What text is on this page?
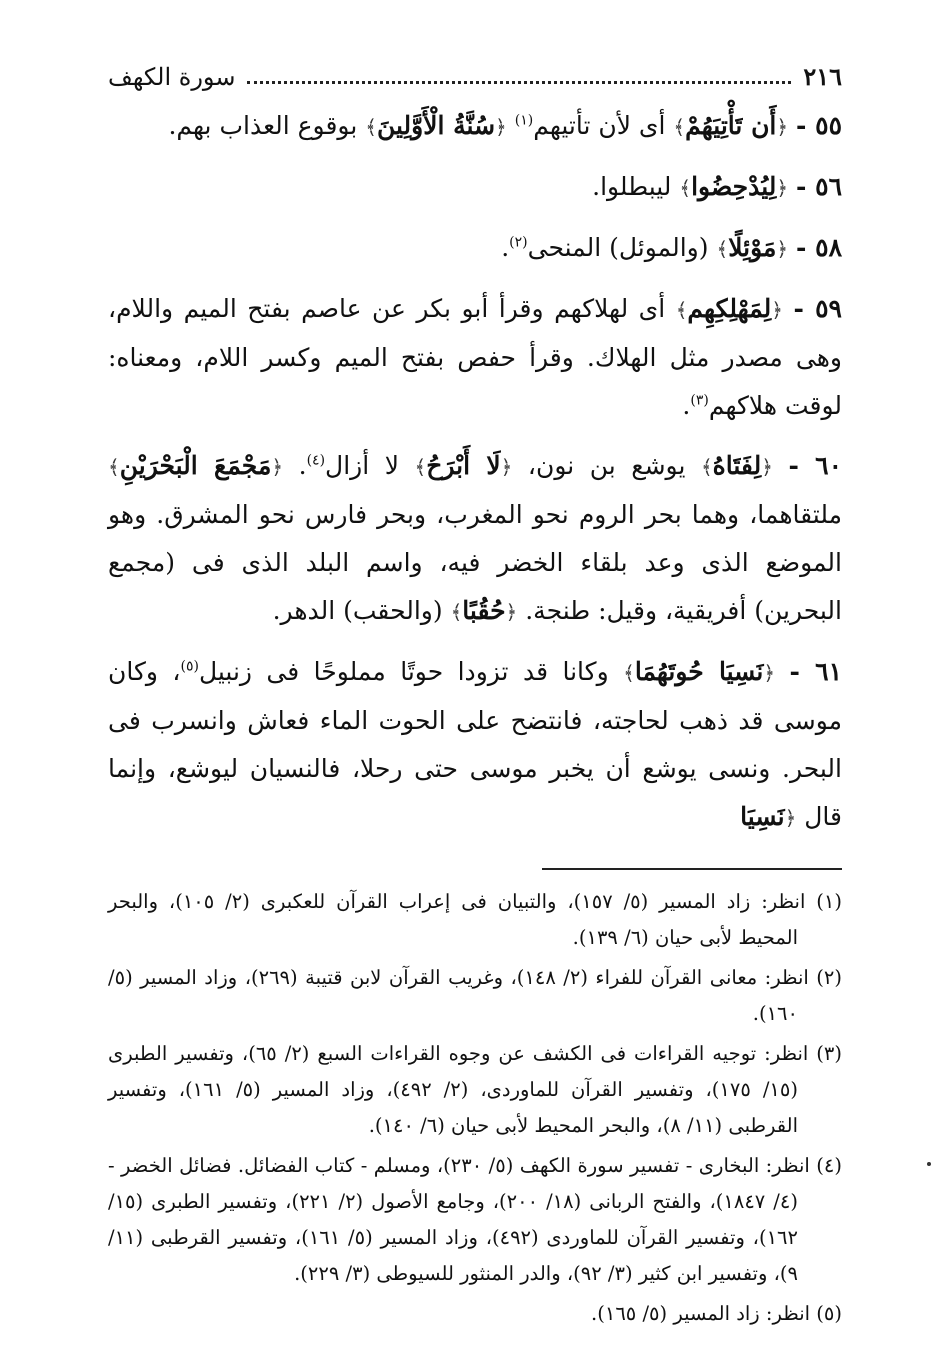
٢١٦
سورة الكهف

٥٥ - ﴿أَن تَأْتِيَهُمْ﴾ أى لأن تأتيهم$^{(١)}$ ﴿سُنَّةُ الْأَوَّلِينَ﴾ بوقوع العذاب بهم.

٥٦ - ﴿لِيُدْحِضُوا﴾ ليبطلوا.

٥٨ - ﴿مَوْئِلًا﴾ (والموئل) المنحى$^{(٢)}$.

٥٩ - ﴿لِمَهْلِكِهِم﴾ أى لهلاكهم وقرأ أبو بكر عن عاصم بفتح الميم واللام، وهى مصدر مثل الهلاك. وقرأ حفص بفتح الميم وكسر اللام، ومعناه: لوقت هلاكهم$^{(٣)}$.

٦٠ - ﴿لِفَتَاهُ﴾ يوشع بن نون، ﴿لَا أَبْرَحُ﴾ لا أزال$^{(٤)}$. ﴿مَجْمَعَ الْبَحْرَيْنِ﴾ ملتقاهما، وهما بحر الروم نحو المغرب، وبحر فارس نحو المشرق. وهو الموضع الذى وعد بلقاء الخضر فيه، واسم البلد الذى فى (مجمع البحرين) أفريقية، وقيل: طنجة. ﴿حُقُبًا﴾ (والحقب) الدهر.

٦١ - ﴿نَسِيَا حُوتَهُمَا﴾ وكانا قد تزودا حوتًا مملوحًا فى زنبيل$^{(٥)}$، وكان موسى قد ذهب لحاجته، فانتضح على الحوت الماء فعاش وانسرب فى البحر. ونسى يوشع أن يخبر موسى حتى رحلا، فالنسيان ليوشع، وإنما قال ﴿نَسِيَا

(١) انظر: زاد المسير (٥/ ١٥٧)، والتبيان فى إعراب القرآن للعكبرى (٢/ ١٠٥)، والبحر المحيط لأبى حيان (٦/ ١٣٩).

(٢) انظر: معانى القرآن للفراء (٢/ ١٤٨)، وغريب القرآن لابن قتيبة (٢٦٩)، وزاد المسير (٥/ ١٦٠).

(٣) انظر: توجيه القراءات فى الكشف عن وجوه القراءات السبع (٢/ ٦٥)، وتفسير الطبرى (١٥/ ١٧٥)، وتفسير القرآن للماوردى، (٢/ ٤٩٢)، وزاد المسير (٥/ ١٦١)، وتفسير القرطبى (١١/ ٨)، والبحر المحيط لأبى حيان (٦/ ١٤٠).

(٤) انظر: البخارى - تفسير سورة الكهف (٥/ ٢٣٠)، ومسلم - كتاب الفضائل. فضائل الخضر - (٤/ ١٨٤٧)، والفتح الربانى (١٨/ ٢٠٠)، وجامع الأصول (٢/ ٢٢١)، وتفسير الطبرى (١٥/ ١٦٢)، وتفسير القرآن للماوردى (٤٩٢)، وزاد المسير (٥/ ١٦١)، وتفسير القرطبى (١١/ ٩)، وتفسير ابن كثير (٣/ ٩٢)، والدر المنثور للسيوطى (٣/ ٢٢٩).

(٥) انظر: زاد المسير (٥/ ١٦٥).
